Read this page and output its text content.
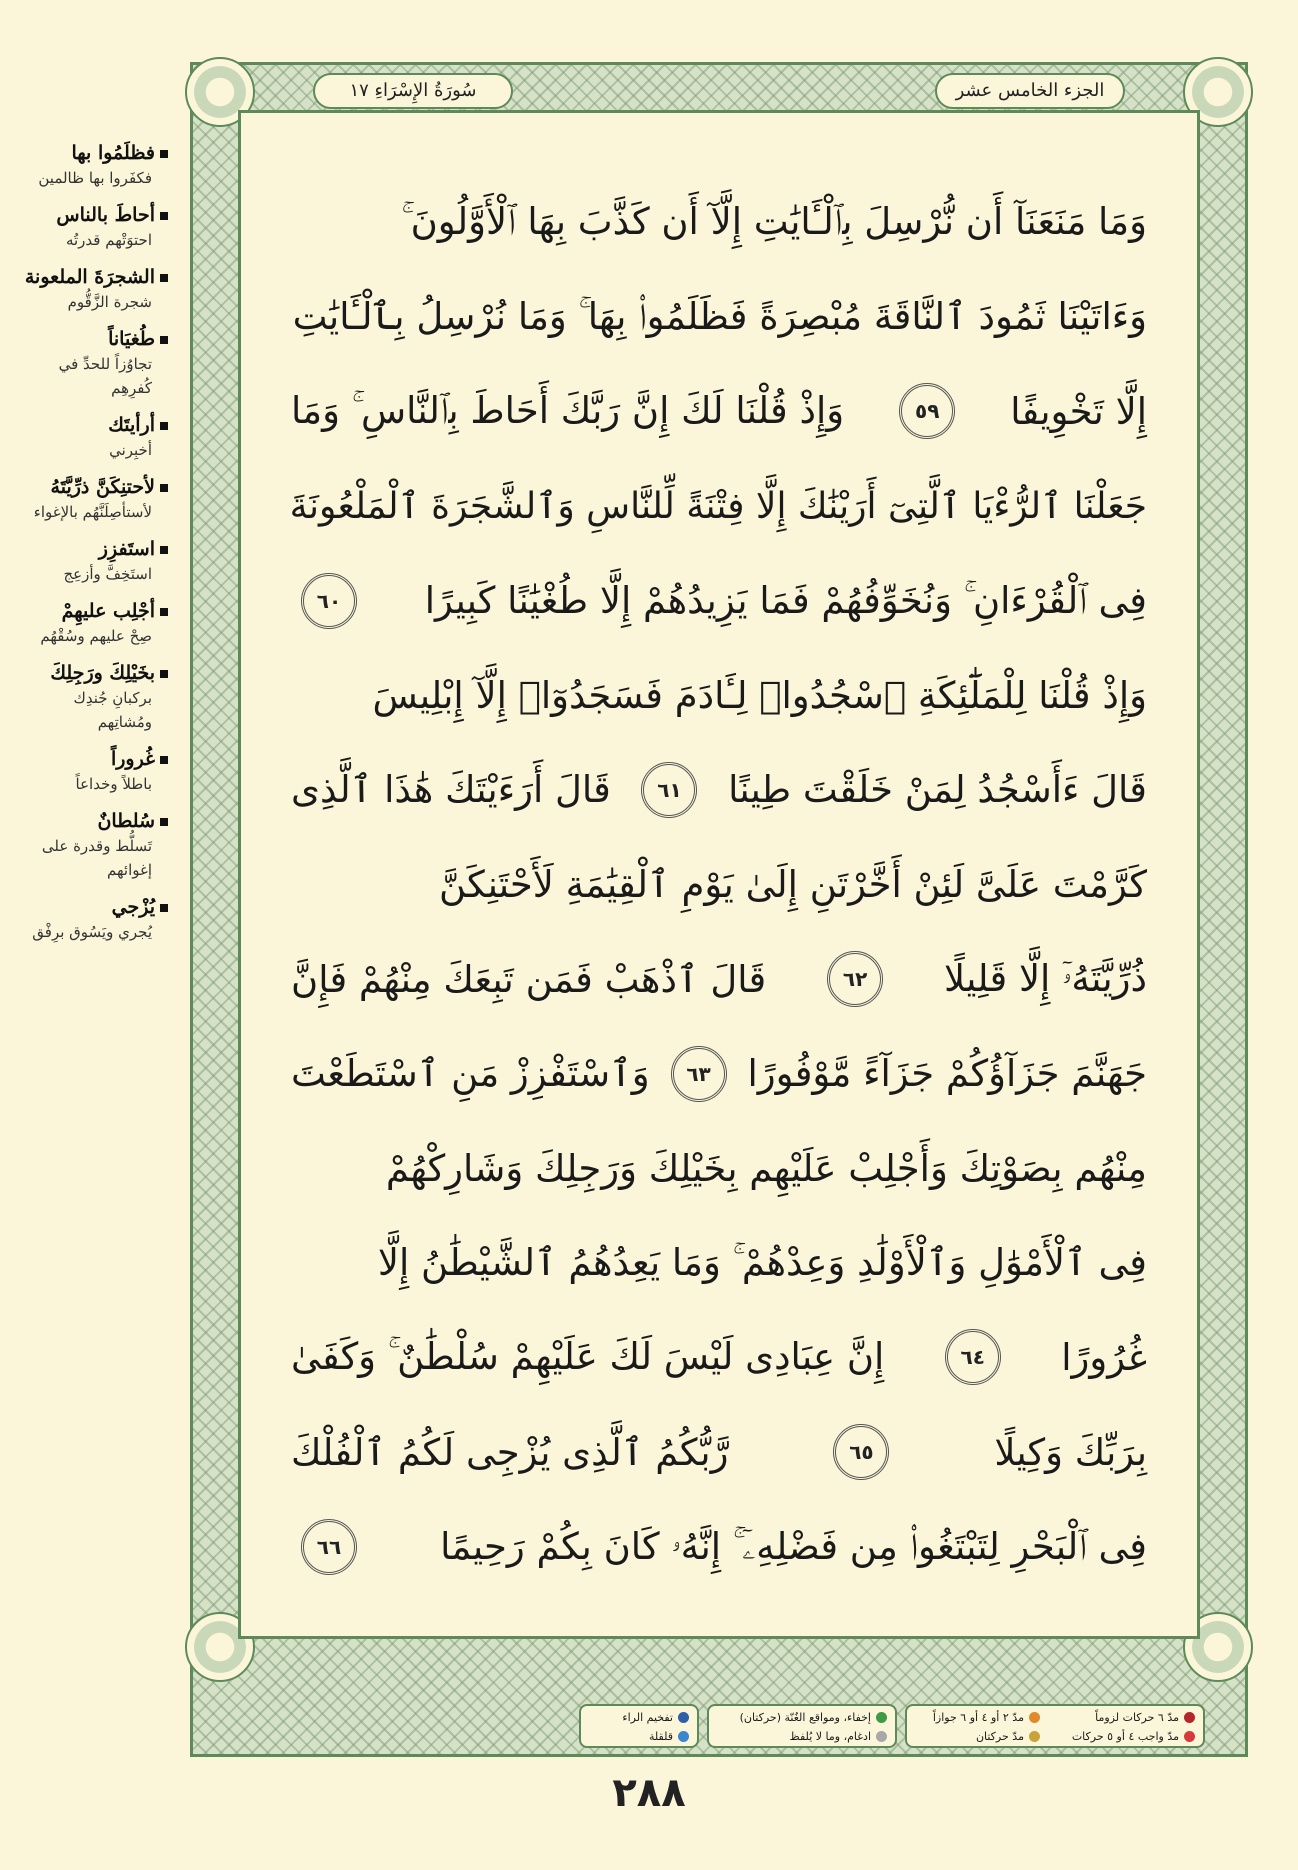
فظلَمُوا بها
فكفَروا بها ظالمين
أحاطَ بالناس
احتوَتْهم قدرتُه
الشجرَةَ الملعونة
شجرة الزَّقُّوم
طُغيَاناً
تجاوُزاً للحدِّ في كُفرِهِم
أرأيتَك
أخبِرني
لأحتنِكَنَّ ذرِّيَّتَهُ
لأستأصِلَنَّهُم بالإغواء
استَفزِز
استَخِفَّ وأزعِج
أجْلِب عليهِمْ
صِحْ عليهم وسُقْهُم
بخَيْلِكَ ورَجِلِكَ
بركبانِ جُندِك ومُشاتِهم
غُروراً
باطلاً وخداعاً
سُلطانٌ
تَسلُّط وقدرة على إغوائهم
يُزْجي
يُجري ويَسُوق برِفْق
سُورَةُ الإِسْرَاءِ ١٧	الجزء الخامس عشر
وَمَا مَنَعَنَآ أَن نُّرْسِلَ بِٱلْـَٔايَٰتِ إِلَّآ أَن كَذَّبَ بِهَا ٱلْأَوَّلُونَ ۚ
وَءَاتَيْنَا ثَمُودَ ٱلنَّاقَةَ مُبْصِرَةً فَظَلَمُوا۟ بِهَا ۚ وَمَا نُرْسِلُ بِٱلْـَٔايَٰتِ
إِلَّا تَخْوِيفًا
٥٩
وَإِذْ قُلْنَا لَكَ إِنَّ رَبَّكَ أَحَاطَ بِٱلنَّاسِ ۚ وَمَا
جَعَلْنَا ٱلرُّءْيَا ٱلَّتِىٓ أَرَيْنَٰكَ إِلَّا فِتْنَةً لِّلنَّاسِ وَٱلشَّجَرَةَ ٱلْمَلْعُونَةَ
فِى ٱلْقُرْءَانِ ۚ وَنُخَوِّفُهُمْ فَمَا يَزِيدُهُمْ إِلَّا طُغْيَٰنًا كَبِيرًا
٦٠
وَإِذْ قُلْنَا لِلْمَلَٰٓئِكَةِ ٱسْجُدُوا۟ لِـَٔادَمَ فَسَجَدُوٓا۟ إِلَّآ إِبْلِيسَ
قَالَ ءَأَسْجُدُ لِمَنْ خَلَقْتَ طِينًا
٦١
قَالَ أَرَءَيْتَكَ هَٰذَا ٱلَّذِى
كَرَّمْتَ عَلَىَّ لَئِنْ أَخَّرْتَنِ إِلَىٰ يَوْمِ ٱلْقِيَٰمَةِ لَأَحْتَنِكَنَّ
ذُرِّيَّتَهُۥٓ إِلَّا قَلِيلًا
٦٢
قَالَ ٱذْهَبْ فَمَن تَبِعَكَ مِنْهُمْ فَإِنَّ
جَهَنَّمَ جَزَآؤُكُمْ جَزَآءً مَّوْفُورًا
٦٣
وَٱسْتَفْزِزْ مَنِ ٱسْتَطَعْتَ
مِنْهُم بِصَوْتِكَ وَأَجْلِبْ عَلَيْهِم بِخَيْلِكَ وَرَجِلِكَ وَشَارِكْهُمْ
فِى ٱلْأَمْوَٰلِ وَٱلْأَوْلَٰدِ وَعِدْهُمْ ۚ وَمَا يَعِدُهُمُ ٱلشَّيْطَٰنُ إِلَّا
غُرُورًا
٦٤
إِنَّ عِبَادِى لَيْسَ لَكَ عَلَيْهِمْ سُلْطَٰنٌ ۚ وَكَفَىٰ
بِرَبِّكَ وَكِيلًا
٦٥
رَّبُّكُمُ ٱلَّذِى يُزْجِى لَكُمُ ٱلْفُلْكَ
فِى ٱلْبَحْرِ لِتَبْتَغُوا۟ مِن فَضْلِهِۦٓ ۚ إِنَّهُۥ كَانَ بِكُمْ رَحِيمًا
٦٦
مدّ ٦ حركات لزوماً
مدّ ٢ أو ٤ أو ٦ جوازاً
مدّ واجب ٤ أو ٥ حركات
مدّ حركتان
إخفاء، ومواقع الغُنّة (حركتان)
ادغام، وما لا يُلفظ
تفخيم الراء
قلقلة
٢٨٨
